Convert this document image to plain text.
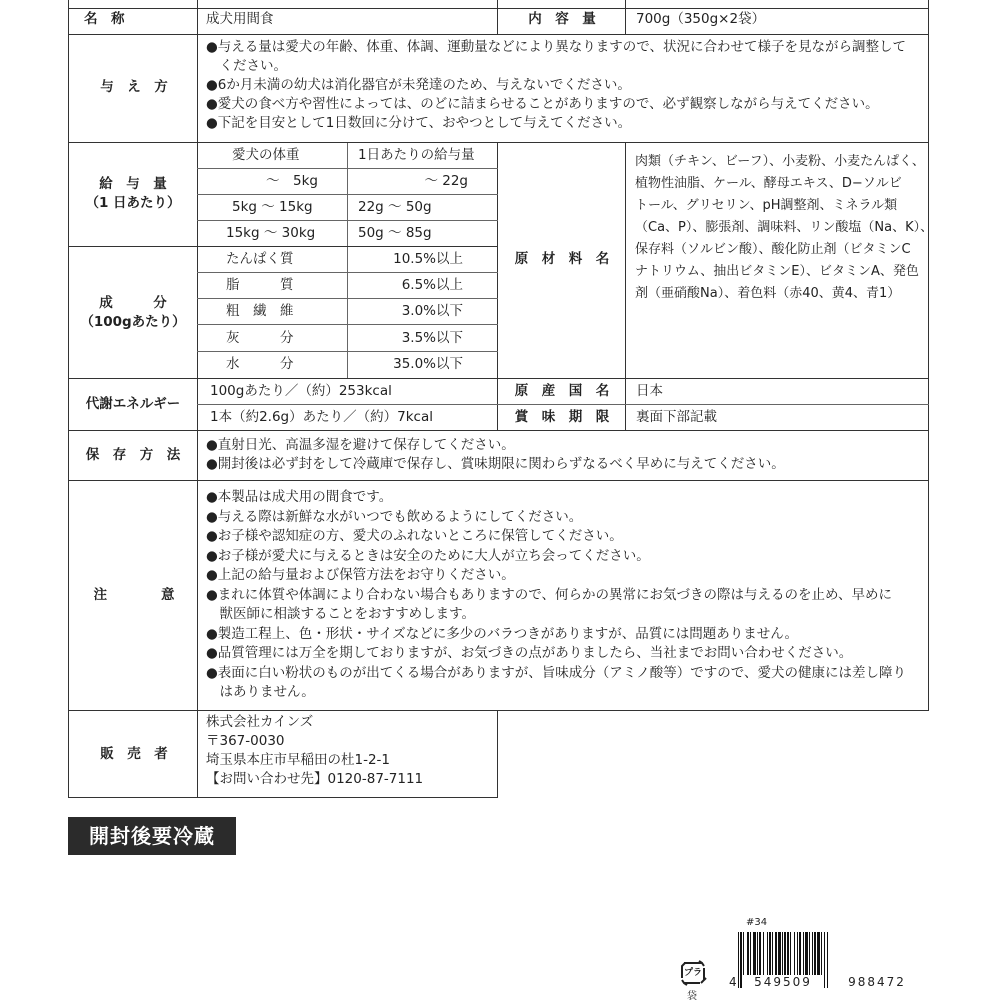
名　称	成犬用間食	内　容　量	700g（350g×2袋）
与　え　方
●与える量は愛犬の年齢、体重、体調、運動量などにより異なりますので、状況に合わせて様子を見ながら調整して
　ください。
●6か月未満の幼犬は消化器官が未発達のため、与えないでください。
●愛犬の食べ方や習性によっては、のどに詰まらせることがありますので、必ず観察しながら与えてください。
●下記を目安として1日数回に分けて、おやつとして与えてください。
給　与　量
（1 日あたり）
愛犬の体重	1日あたりの給与量
〜　5kg	〜 22g
5kg 〜 15kg	22g 〜 50g
15kg 〜 30kg	50g 〜 85g
成　　　分
（100gあたり）
たんぱく質	10.5%以上
脂　　　質	6.5%以上
粗　繊　維	3.0%以下
灰　　　分	3.5%以下
水　　　分	35.0%以下
原　材　料　名
肉類（チキン、ビーフ）、小麦粉、小麦たんぱく、
植物性油脂、ケール、酵母エキス、D−ソルビ
トール、グリセリン、pH調整剤、ミネラル類
（Ca、P）、膨張剤、調味料、リン酸塩（Na、K）、
保存料（ソルビン酸）、酸化防止剤（ビタミンC
ナトリウム、抽出ビタミンE）、ビタミンA、発色
剤（亜硝酸Na）、着色料（赤40、黄4、青1）
代謝エネルギー
100gあたり／（約）253kcal
1本（約2.6g）あたり／（約）7kcal
原　産　国　名	日本
賞　味　期　限	裏面下部記載
保　存　方　法
●直射日光、高温多湿を避けて保存してください。
●開封後は必ず封をして冷蔵庫で保存し、賞味期限に関わらずなるべく早めに与えてください。
注　　　　意
●本製品は成犬用の間食です。
●与える際は新鮮な水がいつでも飲めるようにしてください。
●お子様や認知症の方、愛犬のふれないところに保管してください。
●お子様が愛犬に与えるときは安全のために大人が立ち会ってください。
●上記の給与量および保管方法をお守りください。
●まれに体質や体調により合わない場合もありますので、何らかの異常にお気づきの際は与えるのを止め、早めに
　獣医師に相談することをおすすめします。
●製造工程上、色・形状・サイズなどに多少のバラつきがありますが、品質には問題ありません。
●品質管理には万全を期しておりますが、お気づきの点がありましたら、当社までお問い合わせください。
●表面に白い粉状のものが出てくる場合がありますが、旨味成分（アミノ酸等）ですので、愛犬の健康には差し障り
　はありません。
販　売　者
株式会社カインズ
〒367-0030
埼玉県本庄市早稲田の杜1-2-1
【お問い合わせ先】0120-87-7111
開封後要冷蔵
プラ
袋
#34
4	549509	988472
